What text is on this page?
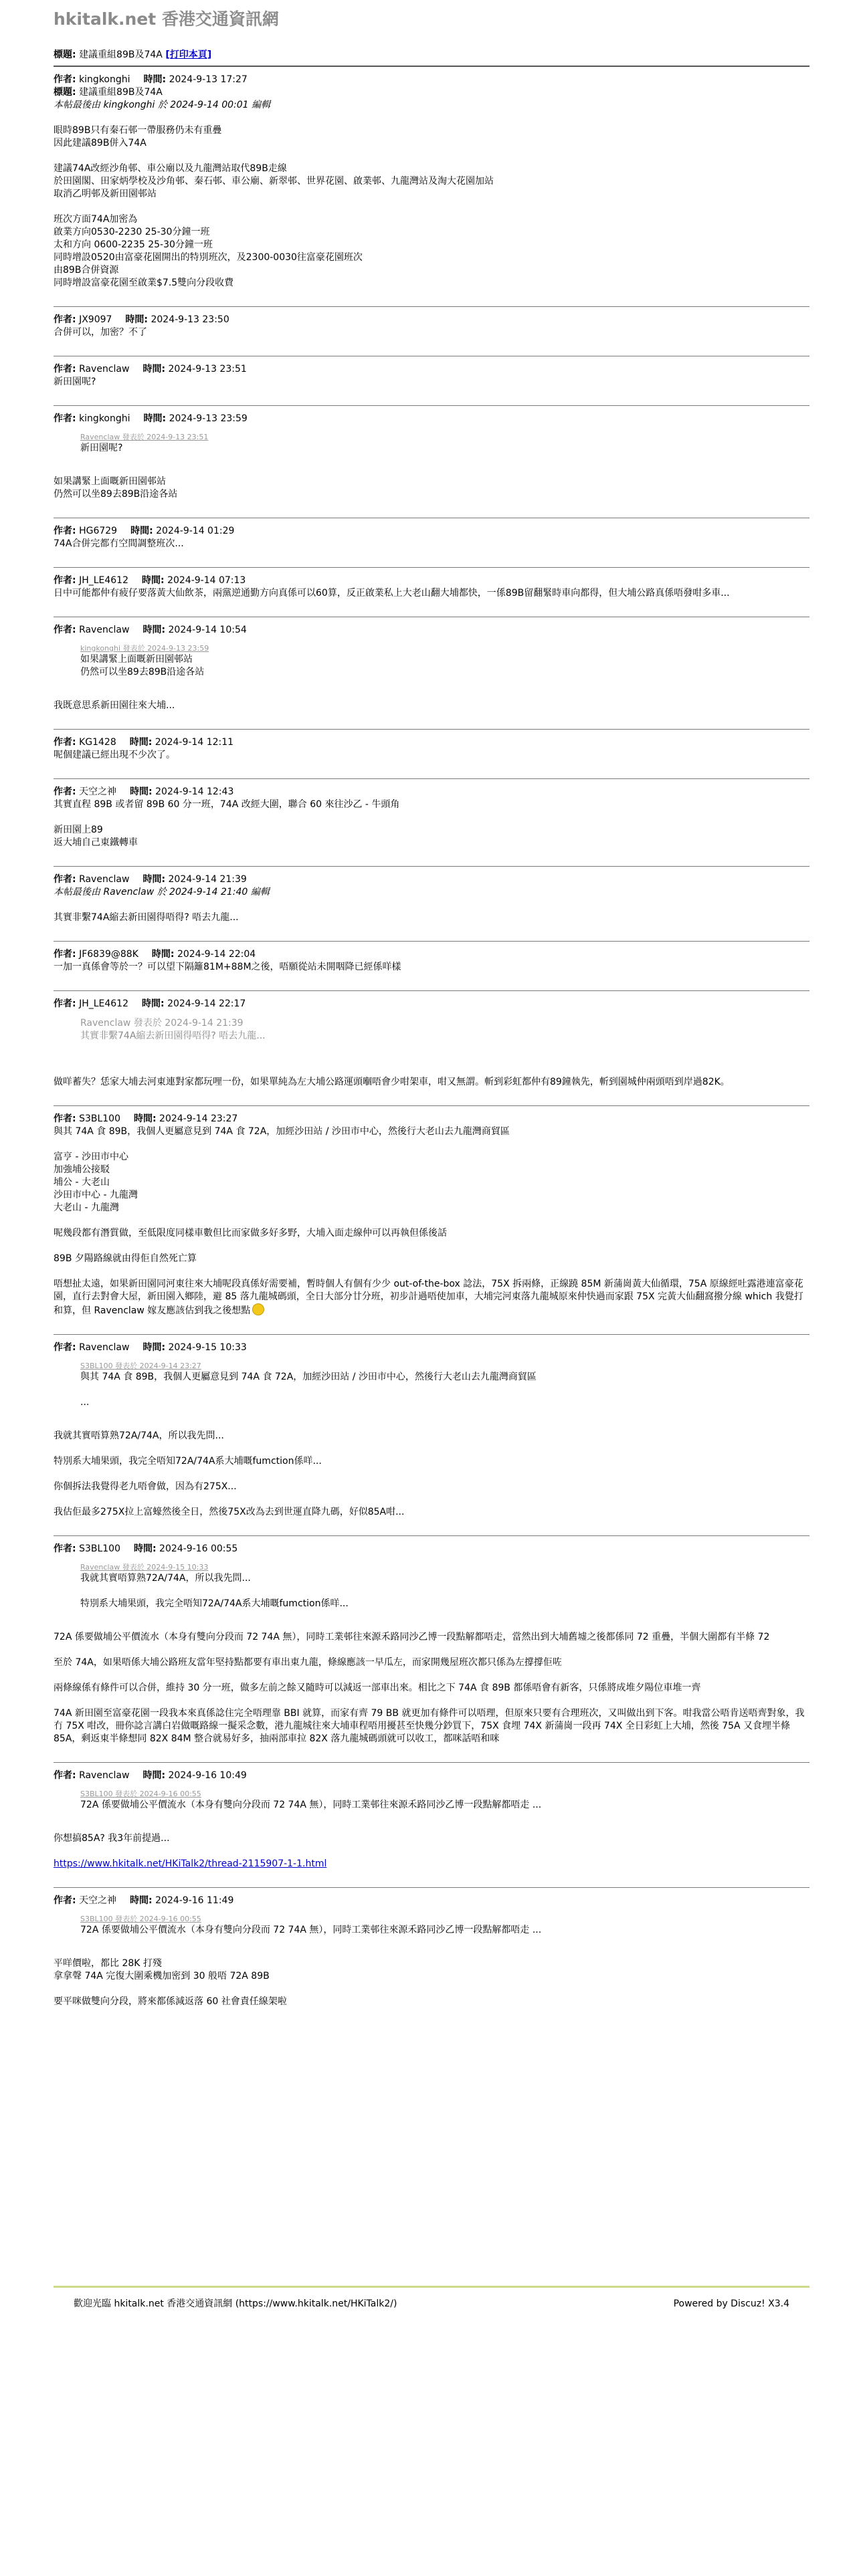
hkitalk.net 香港交通資訊網
標題: 建議重組89B及74A [打印本頁]
作者: kingkonghi 時間: 2024-9-13 17:27
標題: 建議重組89B及74A
本帖最後由 kingkonghi 於 2024-9-14 00:01 編輯
眼時89B只有秦石邨一帶服務仍未有重疊
因此建議89B併入74A
建議74A改經沙角邨、車公廟以及九龍灣站取代89B走線
於田園閣、田家炳學校及沙角邨、秦石邨、車公廟、新翠邨、世界花園、啟業邨、九龍灣站及淘大花園加站
取消乙明邨及新田園邨站
班次方面74A加密為
啟業方向0530-2230 25-30分鐘一班
太和方向 0600-2235 25-30分鐘一班
同時增設0520由富豪花園開出的特別班次，及2300-0030往富豪花園班次
由89B合併資源
同時增設富豪花園至啟業$7.5雙向分段收費
作者: JX9097 時間: 2024-9-13 23:50
合併可以，加密？不了
作者: Ravenclaw 時間: 2024-9-13 23:51
新田園呢?
作者: kingkonghi 時間: 2024-9-13 23:59
Ravenclaw 發表於 2024-9-13 23:51
新田園呢?
如果講緊上面嘅新田園邨站
仍然可以坐89去89B沿途各站
作者: HG6729 時間: 2024-9-14 01:29
74A合併完都冇空間調整班次...
作者: JH_LE4612 時間: 2024-9-14 07:13
日中可能都仲有疲仔要落黃大仙飲茶，兩黨逆通勤方向真係可以60算，反正啟業私上大老山翻大埔都快，一係89B留翻緊時車向都得，但大埔公路真係唔發咁多車...
作者: Ravenclaw 時間: 2024-9-14 10:54
kingkonghi 發表於 2024-9-13 23:59
如果講緊上面嘅新田園邨站
仍然可以坐89去89B沿途各站
我既意思系新田園往來大埔...
作者: KG1428 時間: 2024-9-14 12:11
呢個建議已經出現不少次了。
作者: 天空之神 時間: 2024-9-14 12:43
其實直程 89B 或者留 89B 60 分一班，74A 改經大圍，聯合 60 來往沙乙 - 牛頭角
新田園上89
返大埔自己東鐵轉車
作者: Ravenclaw 時間: 2024-9-14 21:39
本帖最後由 Ravenclaw 於 2024-9-14 21:40 編輯
其實非繫74A縮去新田園得唔得? 唔去九龍...
作者: JF6839@88K 時間: 2024-9-14 22:04
一加一真係會等於一？可以望下隔籬81M+88M之後，唔願從站未開咽降已經係咩樣
作者: JH_LE4612 時間: 2024-9-14 22:17
Ravenclaw 發表於 2024-9-14 21:39
其實非繫74A縮去新田園得唔得? 唔去九龍...
做咩蓄失？恁家大埔去河東連對家都玩哩一份，如果單純為左大埔公路運頭嗰唔會少咁架車，咁又無謂。斬到彩虹都仲有89鐘執先，斬到園城仲兩頭唔到岸過82K。
作者: S3BL100 時間: 2024-9-14 23:27
與其 74A 食 89B，我個人更屬意見到 74A 食 72A，加經沙田站 / 沙田市中心，然後行大老山去九龍灣商貿區
富亨 - 沙田市中心
加強埔公接駁
埔公 - 大老山
沙田市中心 - 九龍灣
大老山 - 九龍灣
呢幾段都有潛質做，至低限度同樣車數但比而家做多好多野，大埔入面走線仲可以再執但係後話
89B 夕陽路線就由得佢自然死亡算
唔想扯太遠，如果新田園同河東往來大埔呢段真係好需要補，暫時個人有個有少少 out-of-the-box 諗法，75X 拆兩條，正線蹺 85M 新蒲崗黃大仙循環，75A 原線經吐露港連富豪花園，直行去對會大屋，新田園入鄉陸，避 85 落九龍城碼頭，全日大部分廿分班，初步計過唔使加車，大埔完河東落九龍城原來仲快過而家跟 75X 完黃大仙翻窩撥分線 which 我覺打和算，但 Ravenclaw 嫁友應該估到我之後想點
作者: Ravenclaw 時間: 2024-9-15 10:33
S3BL100 發表於 2024-9-14 23:27
與其 74A 食 89B，我個人更屬意見到 74A 食 72A，加經沙田站 / 沙田市中心，然後行大老山去九龍灣商貿區
...
我就其實唔算熟72A/74A，所以我先問...
特別系大埔果頭，我完全唔知72A/74A系大埔嘅fumction係咩...
你個拆法我覺得老九唔會做，因為有275X...
我估佢最多275X拉上富蠔然後全日，然後75X改為去到世運直降九碼，好似85A咁...
作者: S3BL100 時間: 2024-9-16 00:55
Ravenclaw 發表於 2024-9-15 10:33
我就其實唔算熟72A/74A，所以我先問...
特別系大埔果頭，我完全唔知72A/74A系大埔嘅fumction係咩...
72A 係要做埔公平價流水（本身有雙向分段而 72 74A 無），同時工業邨往來源禾路同沙乙博一段點解都唔走，當然出到大埔舊墟之後都係同 72 重疊，半個大圍都有半條 72
至於 74A，如果唔係大埔公路班友當年堅持點都要有車出東九龍，條線應該一早瓜左，而家開幾屋班次都只係為左撐撐佢咗
兩條線係有條件可以合併，維持 30 分一班，做多左前之餘又隨時可以減返一部車出來。相比之下 74A 食 89B 都係唔會有新客，只係將成堆夕陽位車堆一齊
74A 新田園至富豪花園一段我本來真係諗住完全唔理靠 BBI 就算，而家有齊 79 BB 就更加有條件可以唔理，但原來只要有合理班次，又叫做出到下客。咁我當公唔肯送唔齊對象，我冇 75X 咁改，冊你諗言講白岩做嘅路線一擬采念數，港九龍城往來大埔車程唔用擾甚至快幾分鈔買下，75X 食埋 74X 新蒲崗一段再 74X 全日彩虹上大埔，然後 75A 又食埋半條 85A，剩返東半條想同 82X 84M 整合就易好多，抽兩部車拉 82X 落九龍城碼頭就可以收工，都咪話唔和咪
作者: Ravenclaw 時間: 2024-9-16 10:49
S3BL100 發表於 2024-9-16 00:55
72A 係要做埔公平價流水（本身有雙向分段而 72 74A 無），同時工業邨往來源禾路同沙乙博一段點解都唔走 ...
你想搞85A? 我3年前提過...
https://www.hkitalk.net/HKiTalk2/thread-2115907-1-1.html
作者: 天空之神 時間: 2024-9-16 11:49
S3BL100 發表於 2024-9-16 00:55
72A 係要做埔公平價流水（本身有雙向分段而 72 74A 無），同時工業邨往來源禾路同沙乙博一段點解都唔走 ...
平咩價啦，都比 28K 打殘
拿拿聲 74A 完復大圍乘機加密到 30 般唔 72A 89B
要平咪做雙向分段，將來都係減返落 60 社會責任線架啦
歡迎光臨 hkitalk.net 香港交通資訊網 (https://www.hkitalk.net/HKiTalk2/)	Powered by Discuz! X3.4
